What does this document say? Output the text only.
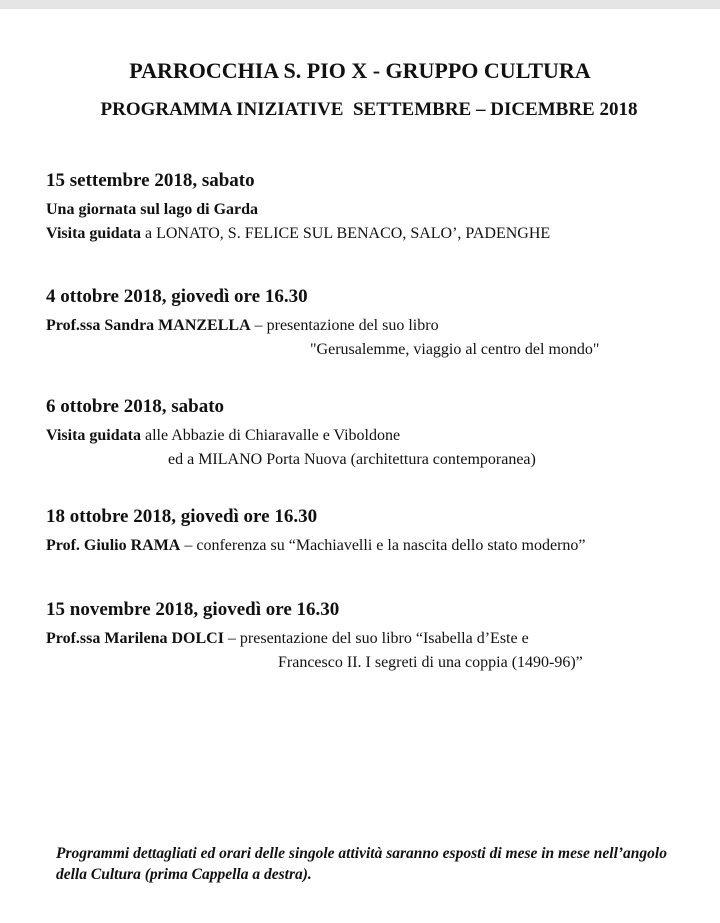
PARROCCHIA S. PIO X - GRUPPO CULTURA
PROGRAMMA INIZIATIVE  SETTEMBRE – DICEMBRE 2018
15 settembre 2018, sabato
Una giornata sul lago di Garda
Visita guidata a LONATO, S. FELICE SUL BENACO, SALO’, PADENGHE
4 ottobre 2018, giovedì ore 16.30
Prof.ssa Sandra MANZELLA – presentazione del suo libro
"Gerusalemme, viaggio al centro del mondo"
6 ottobre 2018, sabato
Visita guidata alle Abbazie di Chiaravalle e Viboldone
ed a MILANO Porta Nuova (architettura contemporanea)
18 ottobre 2018, giovedì ore 16.30
Prof. Giulio RAMA – conferenza su “Machiavelli e la nascita dello stato moderno”
15 novembre 2018, giovedì ore 16.30
Prof.ssa Marilena DOLCI – presentazione del suo libro “Isabella d’Este e
Francesco II. I segreti di una coppia (1490-96)”
Programmi dettagliati ed orari delle singole attività saranno esposti di mese in mese nell’angolo della Cultura (prima Cappella a destra).
